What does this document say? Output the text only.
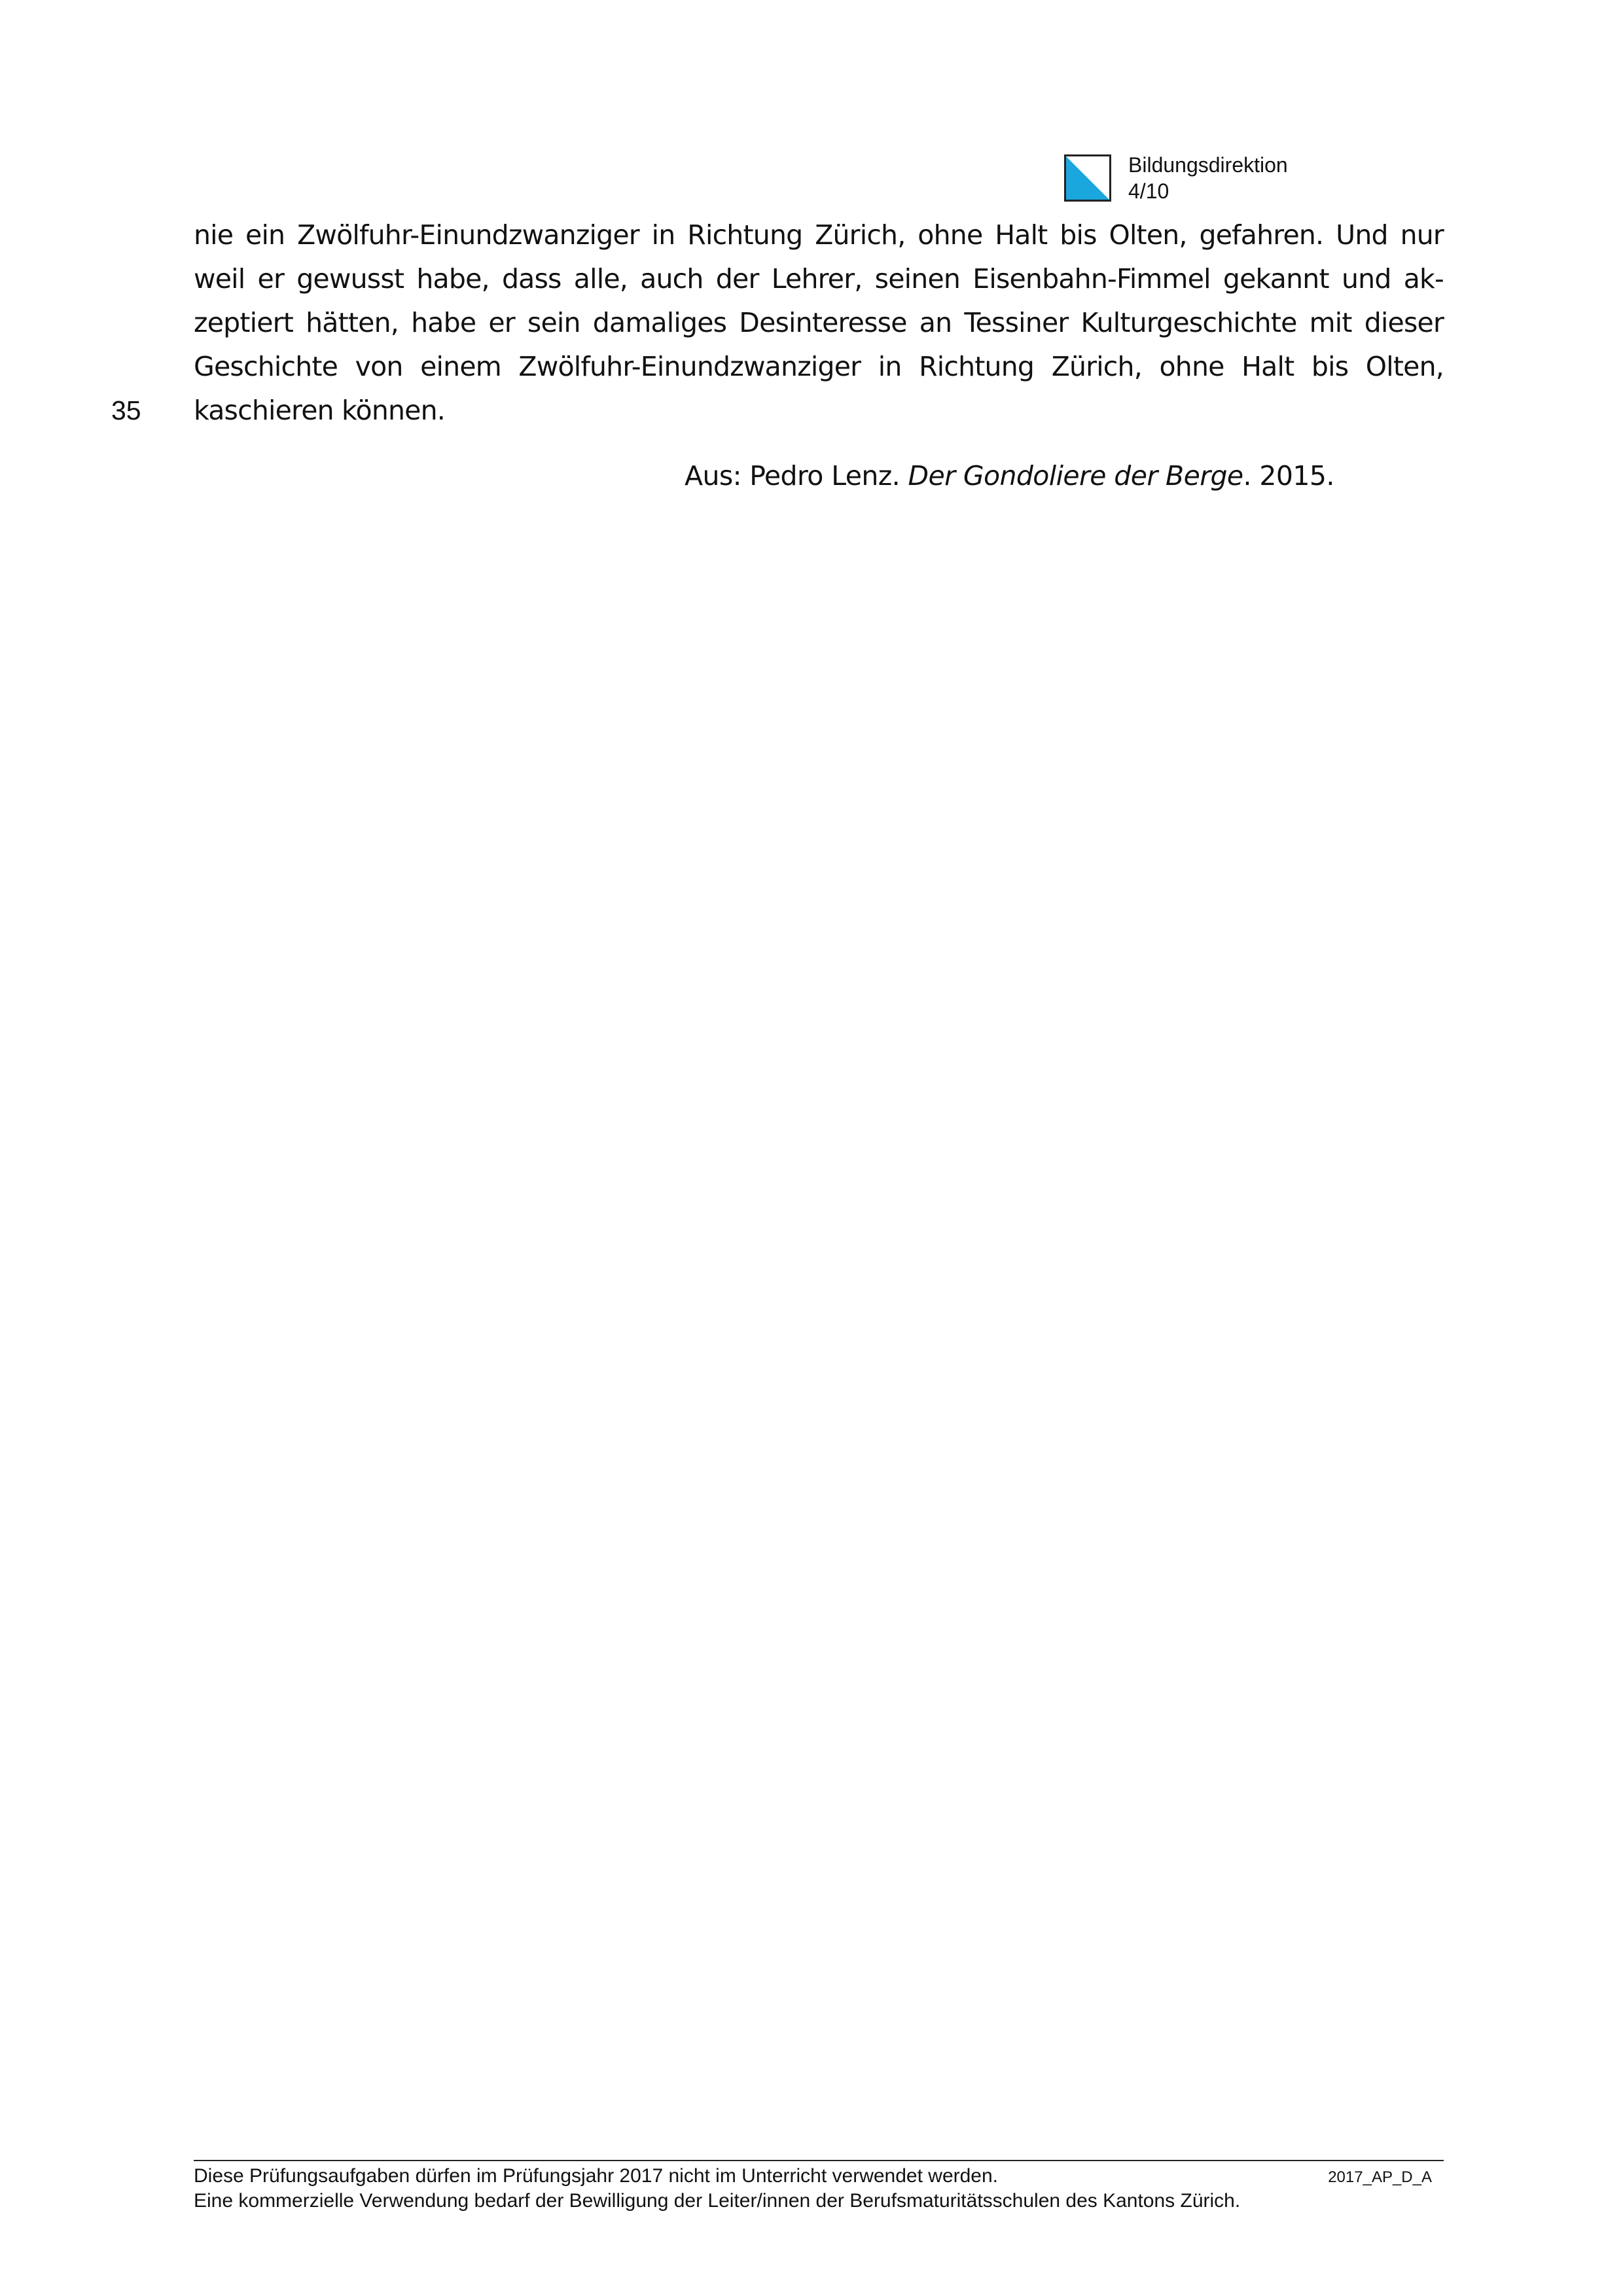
Bildungsdirektion
4/10
nie ein Zwölfuhr-Einundzwanziger in Richtung Zürich, ohne Halt bis Olten, gefahren. Und nur
weil er gewusst habe, dass alle, auch der Lehrer, seinen Eisenbahn-Fimmel gekannt und ak-
zeptiert hätten, habe er sein damaliges Desinteresse an Tessiner Kulturgeschichte mit dieser
Geschichte von einem Zwölfuhr-Einundzwanziger in Richtung Zürich, ohne Halt bis Olten,
kaschieren können.
35
Aus: Pedro Lenz. Der Gondoliere der Berge. 2015.
Diese Prüfungsaufgaben dürfen im Prüfungsjahr 2017 nicht im Unterricht verwendet werden.
Eine kommerzielle Verwendung bedarf der Bewilligung der Leiter/innen der Berufsmaturitätsschulen des Kantons Zürich.
2017_AP_D_A
